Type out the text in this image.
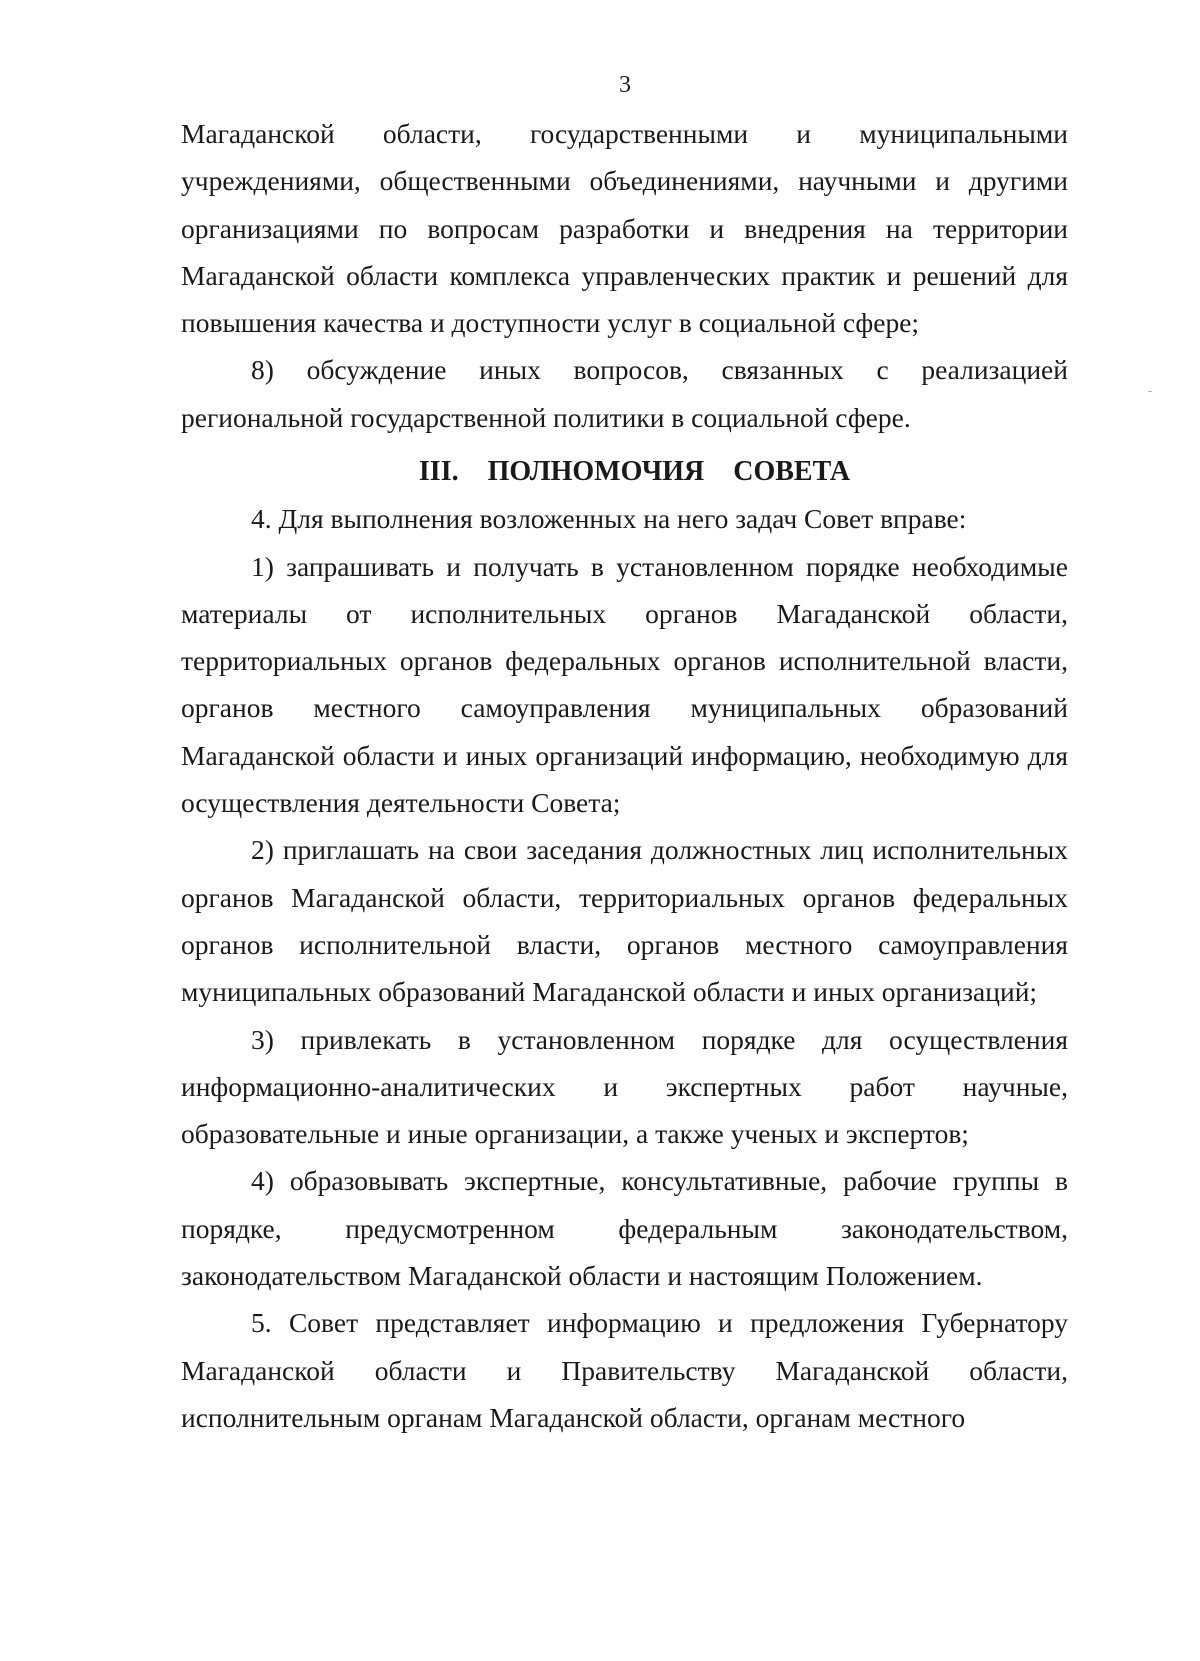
3

Магаданской области, государственными и муниципальными учреждениями, общественными объединениями, научными и другими организациями по вопросам разработки и внедрения на территории Магаданской области комплекса управленческих практик и решений для повышения качества и доступности услуг в социальной сфере;

8) обсуждение иных вопросов, связанных с реализацией региональной государственной политики в социальной сфере.

III. ПОЛНОМОЧИЯ СОВЕТА

4. Для выполнения возложенных на него задач Совет вправе:

1) запрашивать и получать в установленном порядке необходимые материалы от исполнительных органов Магаданской области, территориальных органов федеральных органов исполнительной власти, органов местного самоуправления муниципальных образований Магаданской области и иных организаций информацию, необходимую для осуществления деятельности Совета;

2) приглашать на свои заседания должностных лиц исполнительных органов Магаданской области, территориальных органов федеральных органов исполнительной власти, органов местного самоуправления муниципальных образований Магаданской области и иных организаций;

3) привлекать в установленном порядке для осуществления информационно-аналитических и экспертных работ научные, образовательные и иные организации, а также ученых и экспертов;

4) образовывать экспертные, консультативные, рабочие группы в порядке, предусмотренном федеральным законодательством, законодательством Магаданской области и настоящим Положением.

5. Совет представляет информацию и предложения Губернатору Магаданской области и Правительству Магаданской области, исполнительным органам Магаданской области, органам местного
